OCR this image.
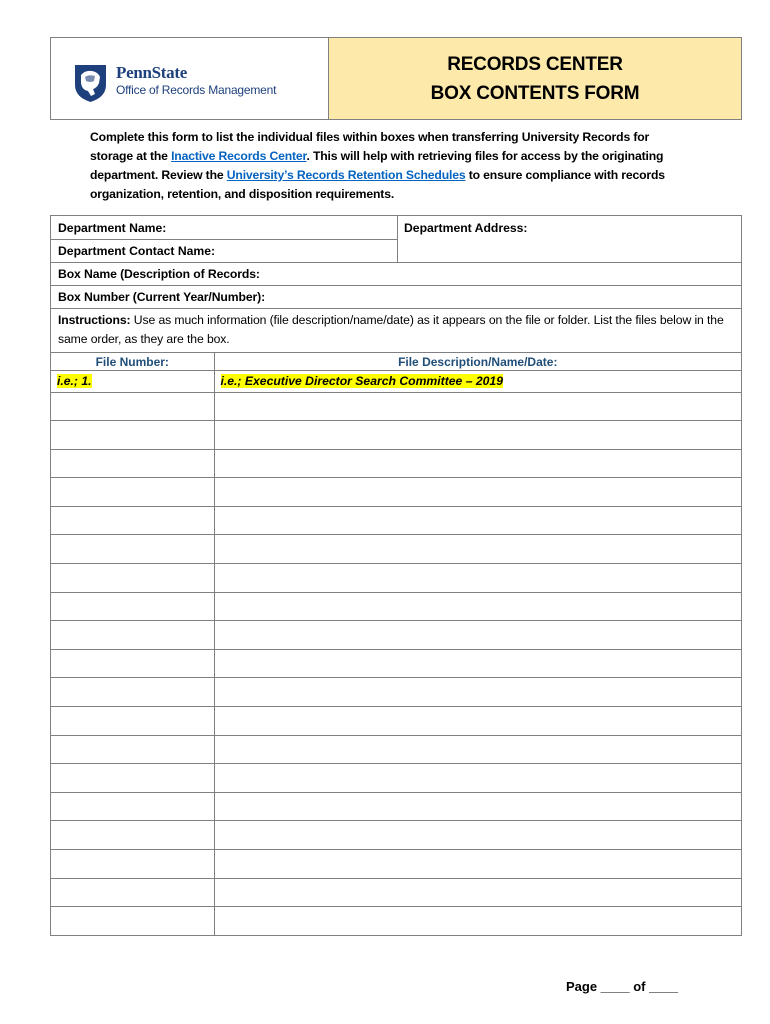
PennState
Office of Records Management
RECORDS CENTER
BOX CONTENTS FORM
Complete this form to list the individual files within boxes when transferring University Records for storage at the Inactive Records Center. This will help with retrieving files for access by the originating department. Review the University’s Records Retention Schedules to ensure compliance with records organization, retention, and disposition requirements.
Department Name:
Department Contact Name:
Department Address:
Box Name (Description of Records:
Box Number (Current Year/Number):
Instructions: Use as much information (file description/name/date) as it appears on the file or folder. List the files below in the same order, as they are the box.
File Number:	File Description/Name/Date:
i.e.; 1.	i.e.; Executive Director Search Committee – 2019

Page ____ of ____
